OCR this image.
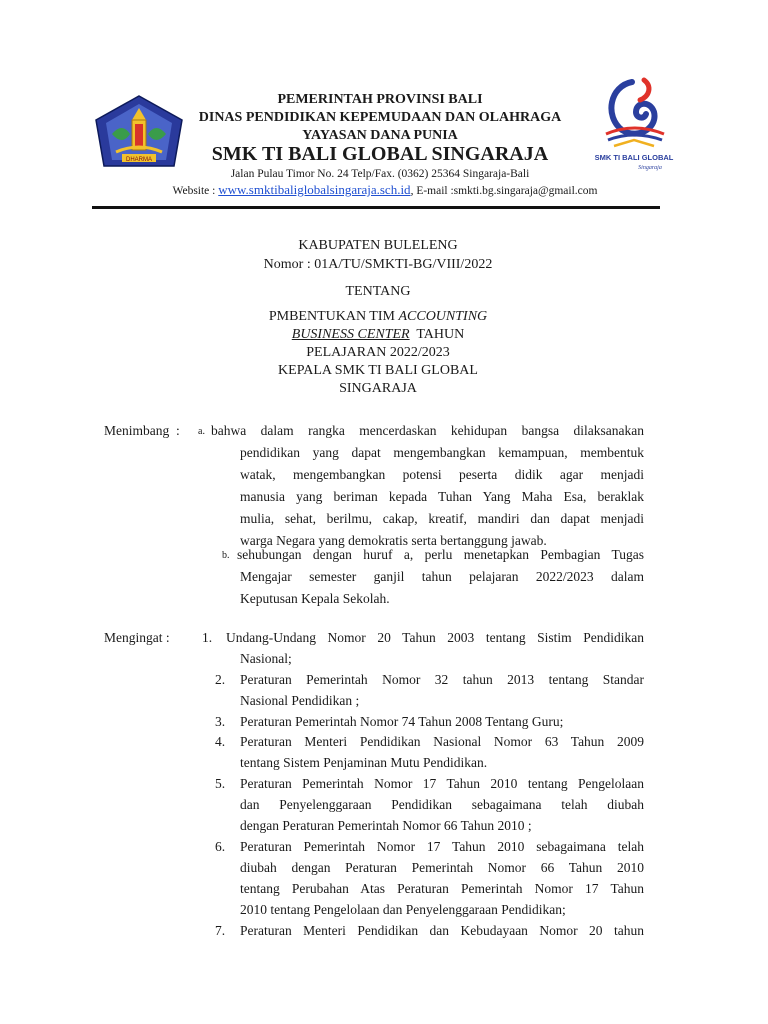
DHARMA
PEMERINTAH PROVINSI BALI
DINAS PENDIDIKAN KEPEMUDAAN DAN OLAHRAGA
YAYASAN DANA PUNIA
SMK TI BALI GLOBAL SINGARAJA
Jalan Pulau Timor No. 24 Telp/Fax. (0362) 25364 Singaraja-Bali
Website : www.smktibaliglobalsingaraja.sch.id, E-mail :smkti.bg.singaraja@gmail.com
SMK TI BALI GLOBAL
Singaraja
KABUPATEN BULELENG
Nomor : 01A/TU/SMKTI-BG/VIII/2022
TENTANG
PMBENTUKAN TIM ACCOUNTING
BUSINESS CENTER  TAHUN
PELAJARAN 2022/2023
KEPALA SMK TI BALI GLOBAL
SINGARAJA
Menimbang : a. bahwa dalam rangka mencerdaskan kehidupan bangsa dilaksanakan
pendidikan yang dapat mengembangkan kemampuan, membentuk
watak, mengembangkan potensi peserta didik agar menjadi
manusia yang beriman kepada Tuhan Yang Maha Esa, beraklak
mulia, sehat, berilmu, cakap, kreatif, mandiri dan dapat menjadi
warga Negara yang demokratis serta bertanggung jawab.
b. sehubungan dengan huruf a, perlu menetapkan Pembagian Tugas
Mengajar semester ganjil tahun pelajaran 2022/2023 dalam
Keputusan Kepala Sekolah.
Mengingat : 1. Undang-Undang Nomor 20 Tahun 2003 tentang Sistim Pendidikan
Nasional;
2. Peraturan Pemerintah Nomor 32 tahun 2013 tentang Standar
Nasional Pendidikan ;
3. Peraturan Pemerintah Nomor 74 Tahun 2008 Tentang Guru;
4. Peraturan Menteri Pendidikan Nasional Nomor 63 Tahun 2009
tentang Sistem Penjaminan Mutu Pendidikan.
5. Peraturan Pemerintah Nomor 17 Tahun 2010 tentang Pengelolaan
dan Penyelenggaraan Pendidikan sebagaimana telah diubah
dengan Peraturan Pemerintah Nomor 66 Tahun 2010 ;
6. Peraturan Pemerintah Nomor 17 Tahun 2010 sebagaimana telah
diubah dengan Peraturan Pemerintah Nomor 66 Tahun 2010
tentang Perubahan Atas Peraturan Pemerintah Nomor 17 Tahun
2010 tentang Pengelolaan dan Penyelenggaraan Pendidikan;
7. Peraturan Menteri Pendidikan dan Kebudayaan Nomor 20 tahun
